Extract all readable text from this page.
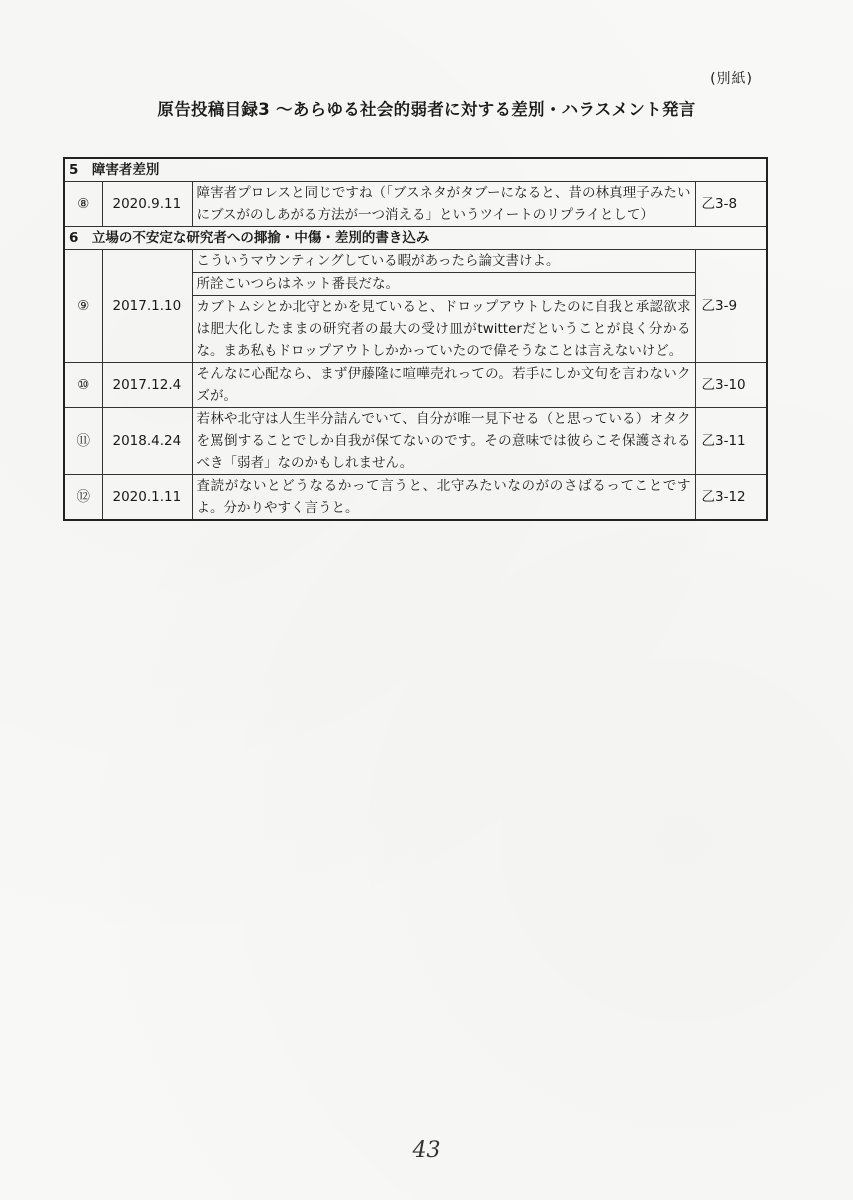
(別紙)
原告投稿目録3 〜あらゆる社会的弱者に対する差別・ハラスメント発言
5　障害者差別			
⑧	2020.9.11	障害者プロレスと同じですね（「ブスネタがタブーになると、昔の林真理子みたいにブスがのしあがる方法が一つ消える」というツイートのリプライとして）	乙3-8
6　立場の不安定な研究者への揶揄・中傷・差別的書き込み			
⑨	2017.1.10	こういうマウンティングしている暇があったら論文書けよ。
所詮こいつらはネット番長だな。
カブトムシとか北守とかを見ていると、ドロップアウトしたのに自我と承認欲求は肥大化したままの研究者の最大の受け皿がtwitterだということが良く分かるな。まあ私もドロップアウトしかかっていたので偉そうなことは言えないけど。	乙3-9
⑩	2017.12.4	そんなに心配なら、まず伊藤隆に喧嘩売れっての。若手にしか文句を言わないクズが。	乙3-10
⑪	2018.4.24	若林や北守は人生半分詰んでいて、自分が唯一見下せる（と思っている）オタクを罵倒することでしか自我が保てないのです。その意味では彼らこそ保護されるべき「弱者」なのかもしれません。	乙3-11
⑫	2020.1.11	査読がないとどうなるかって言うと、北守みたいなのがのさばるってことですよ。分かりやすく言うと。	乙3-12
43
